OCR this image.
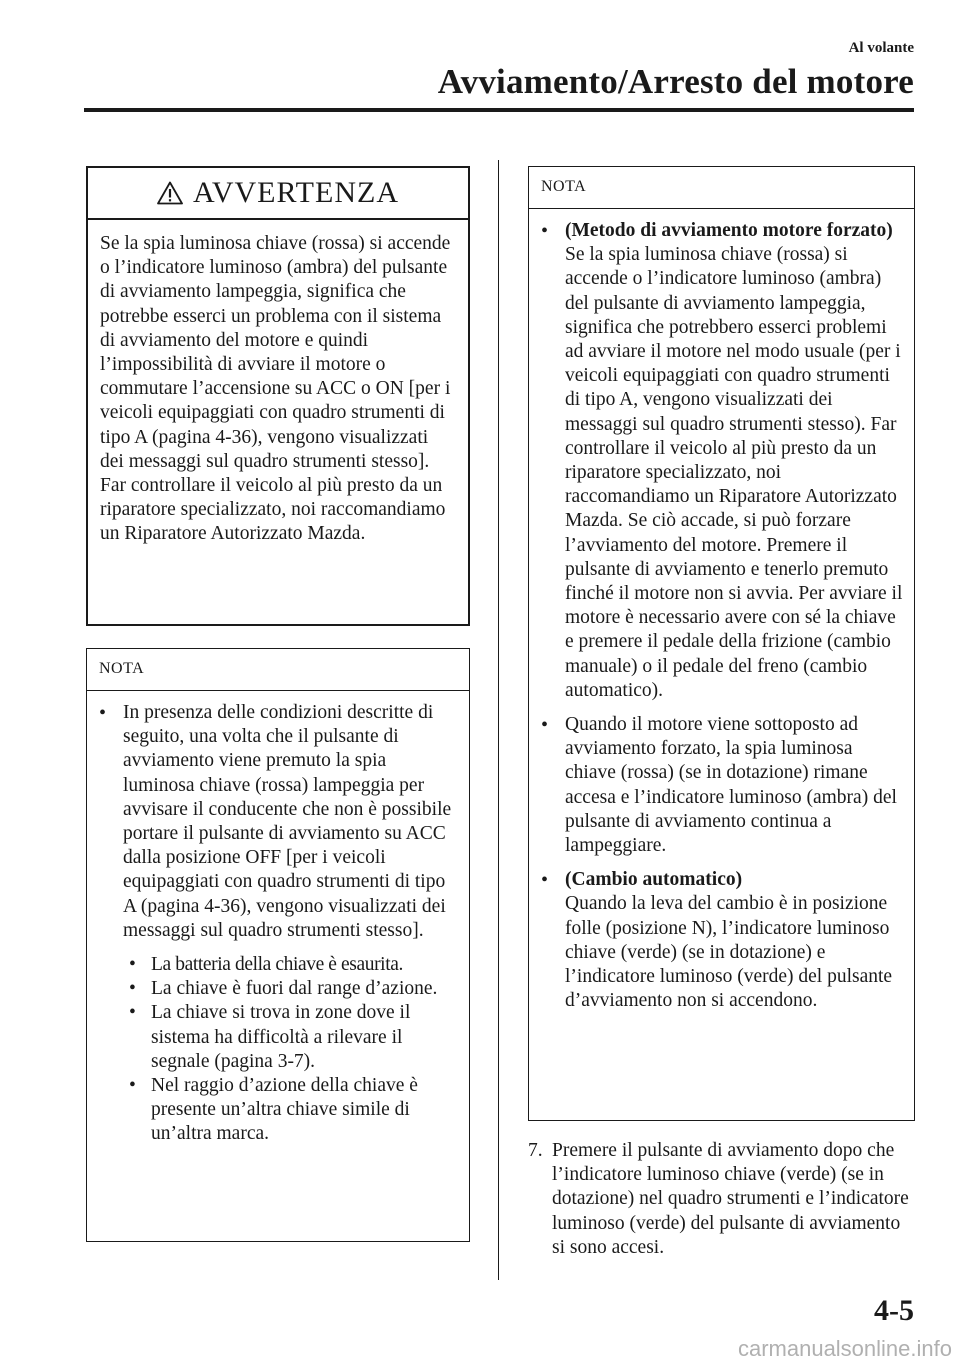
Al volante
Avviamento/Arresto del motore
AVVERTENZA
Se la spia luminosa chiave (rossa) si accende o l’indicatore luminoso (ambra) del pulsante di avviamento lampeggia, significa che potrebbe esserci un problema con il sistema di avviamento del motore e quindi l’impossibilità di avviare il motore o commutare l’accensione su ACC o ON [per i veicoli equipaggiati con quadro strumenti di tipo A (pagina 4-36), vengono visualizzati dei messaggi sul quadro strumenti stesso]. Far controllare il veicolo al più presto da un riparatore specializzato, noi raccomandiamo un Riparatore Autorizzato Mazda.
NOTA
• In presenza delle condizioni descritte di seguito, una volta che il pulsante di avviamento viene premuto la spia luminosa chiave (rossa) lampeggia per avvisare il conducente che non è possibile portare il pulsante di avviamento su ACC dalla posizione OFF [per i veicoli equipaggiati con quadro strumenti di tipo A (pagina 4-36), vengono visualizzati dei messaggi sul quadro strumenti stesso].
• La batteria della chiave è esaurita.
• La chiave è fuori dal range d’azione.
• La chiave si trova in zone dove il sistema ha difficoltà a rilevare il segnale (pagina 3-7).
• Nel raggio d’azione della chiave è presente un’altra chiave simile di un’altra marca.
NOTA
• (Metodo di avviamento motore forzato)
Se la spia luminosa chiave (rossa) si accende o l’indicatore luminoso (ambra) del pulsante di avviamento lampeggia, significa che potrebbero esserci problemi ad avviare il motore nel modo usuale (per i veicoli equipaggiati con quadro strumenti di tipo A, vengono visualizzati dei messaggi sul quadro strumenti stesso). Far controllare il veicolo al più presto da un riparatore specializzato, noi raccomandiamo un Riparatore Autorizzato Mazda. Se ciò accade, si può forzare l’avviamento del motore. Premere il pulsante di avviamento e tenerlo premuto finché il motore non si avvia. Per avviare il motore è necessario avere con sé la chiave e premere il pedale della frizione (cambio manuale) o il pedale del freno (cambio automatico).
• Quando il motore viene sottoposto ad avviamento forzato, la spia luminosa chiave (rossa) (se in dotazione) rimane accesa e l’indicatore luminoso (ambra) del pulsante di avviamento continua a lampeggiare.
• (Cambio automatico)
Quando la leva del cambio è in posizione folle (posizione N), l’indicatore luminoso chiave (verde) (se in dotazione) e l’indicatore luminoso (verde) del pulsante d’avviamento non si accendono.
7. Premere il pulsante di avviamento dopo che l’indicatore luminoso chiave (verde) (se in dotazione) nel quadro strumenti e l’indicatore luminoso (verde) del pulsante di avviamento si sono accesi.
4-5
carmanualsonline.info
